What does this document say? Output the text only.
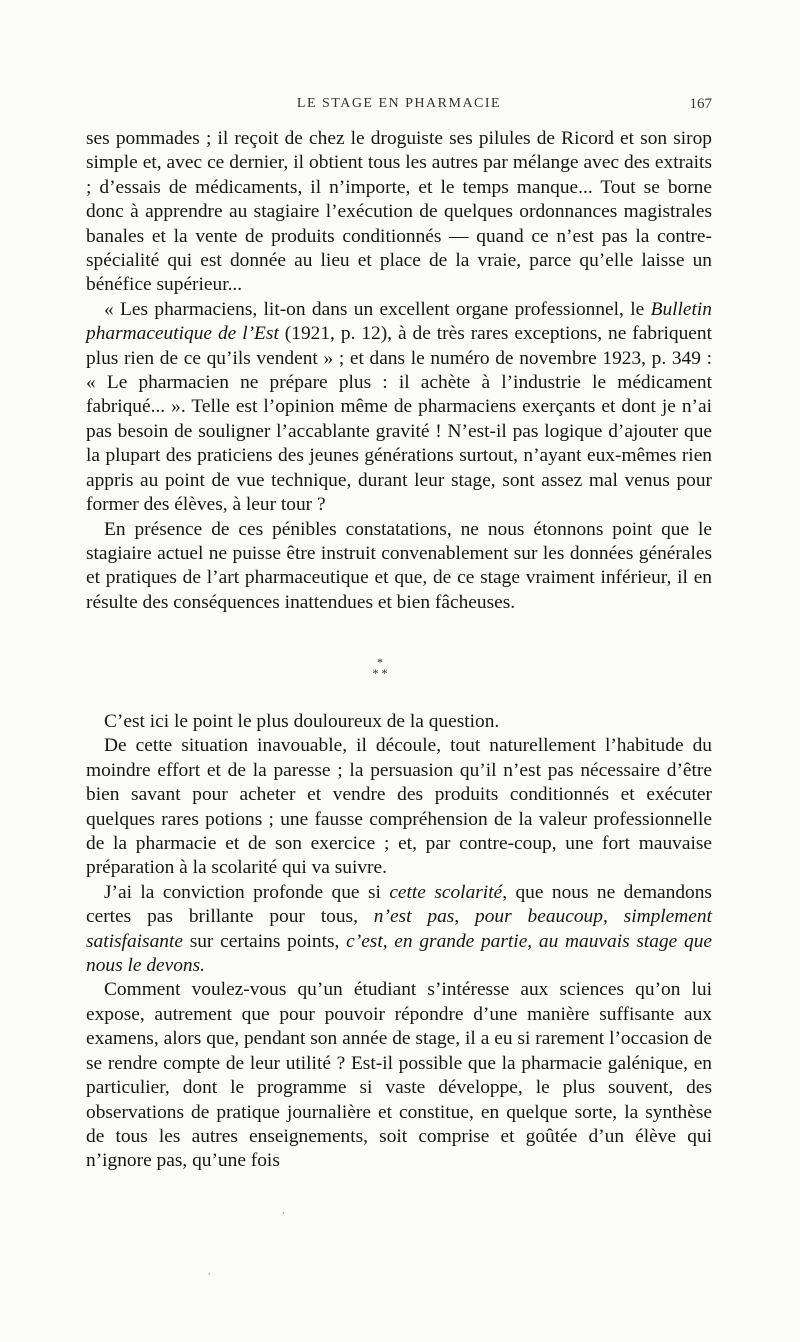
LE STAGE EN PHARMACIE	167

ses pommades ; il reçoit de chez le droguiste ses pilules de Ricord et son sirop simple et, avec ce dernier, il obtient tous les autres par mélange avec des extraits ; d’essais de médicaments, il n’importe, et le temps manque... Tout se borne donc à apprendre au stagiaire l’exécution de quelques ordonnances magistrales banales et la vente de produits conditionnés — quand ce n’est pas la contre-spécialité qui est donnée au lieu et place de la vraie, parce qu’elle laisse un bénéfice supérieur...

« Les pharmaciens, lit-on dans un excellent organe professionnel, le Bulletin pharmaceutique de l’Est (1921, p. 12), à de très rares exceptions, ne fabriquent plus rien de ce qu’ils vendent » ; et dans le numéro de novembre 1923, p. 349 : « Le pharmacien ne prépare plus : il achète à l’industrie le médicament fabriqué... ». Telle est l’opinion même de pharmaciens exerçants et dont je n’ai pas besoin de souligner l’accablante gravité ! N’est-il pas logique d’ajouter que la plupart des praticiens des jeunes générations surtout, n’ayant eux-mêmes rien appris au point de vue technique, durant leur stage, sont assez mal venus pour former des élèves, à leur tour ?

En présence de ces pénibles constatations, ne nous étonnons point que le stagiaire actuel ne puisse être instruit convenablement sur les données générales et pratiques de l’art pharmaceutique et que, de ce stage vraiment inférieur, il en résulte des conséquences inattendues et bien fâcheuses.

*
* *

C’est ici le point le plus douloureux de la question.

De cette situation inavouable, il découle, tout naturellement l’habitude du moindre effort et de la paresse ; la persuasion qu’il n’est pas nécessaire d’être bien savant pour acheter et vendre des produits conditionnés et exécuter quelques rares potions ; une fausse compréhension de la valeur professionnelle de la pharmacie et de son exercice ; et, par contre-coup, une fort mauvaise préparation à la scolarité qui va suivre.

J’ai la conviction profonde que si cette scolarité, que nous ne demandons certes pas brillante pour tous, n’est pas, pour beaucoup, simplement satisfaisante sur certains points, c’est, en grande partie, au mauvais stage que nous le devons.

Comment voulez-vous qu’un étudiant s’intéresse aux sciences qu’on lui expose, autrement que pour pouvoir répondre d’une manière suffisante aux examens, alors que, pendant son année de stage, il a eu si rarement l’occasion de se rendre compte de leur utilité ? Est-il possible que la pharmacie galénique, en particulier, dont le programme si vaste développe, le plus souvent, des observations de pratique journalière et constitue, en quelque sorte, la synthèse de tous les autres enseignements, soit comprise et goûtée d’un élève qui n’ignore pas, qu’une fois

,
,
